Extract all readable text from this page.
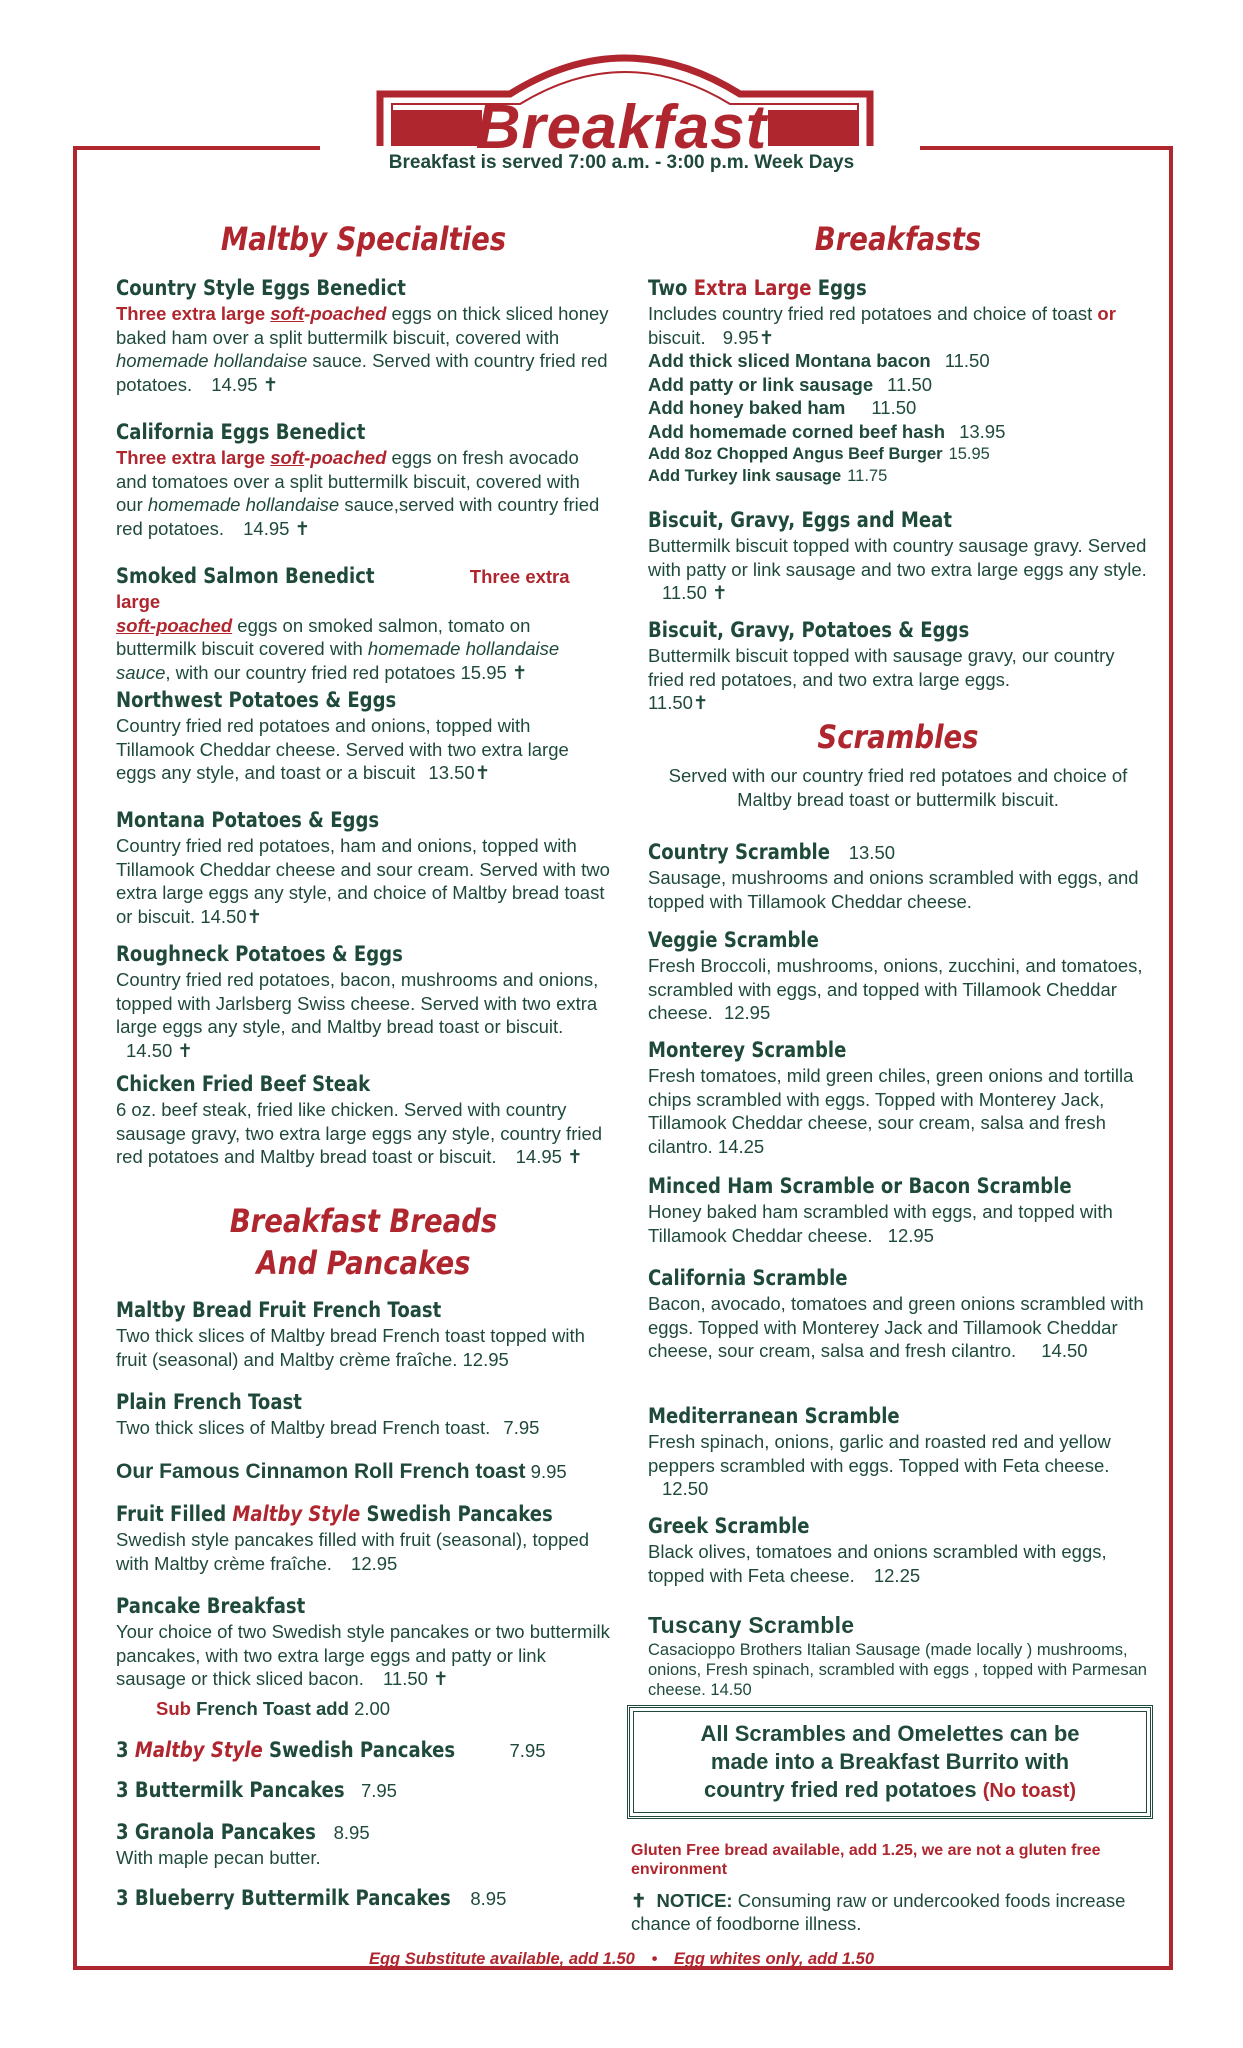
Breakfast
Breakfast is served 7:00 a.m. - 3:00 p.m. Week Days
Maltby Specialties
Country Style Eggs Benedict
Three extra large soft-poached eggs on thick sliced honey baked ham over a split buttermilk biscuit, covered with homemade hollandaise sauce. Served with country fried red potatoes. 14.95 ✝
California Eggs Benedict
Three extra large soft-poached eggs on fresh avocado and tomatoes over a split buttermilk biscuit, covered with our homemade hollandaise sauce,served with country fried red potatoes. 14.95 ✝
Smoked Salmon Benedict	Three extra large
soft-poached eggs on smoked salmon, tomato on buttermilk biscuit covered with homemade hollandaise sauce, with our country fried red potatoes 15.95 ✝
Northwest Potatoes & Eggs
Country fried red potatoes and onions, topped with Tillamook Cheddar cheese. Served with two extra large eggs any style, and toast or a biscuit 13.50✝
Montana Potatoes & Eggs
Country fried red potatoes, ham and onions, topped with Tillamook Cheddar cheese and sour cream. Served with two extra large eggs any style, and choice of Maltby bread toast or biscuit. 14.50✝
Roughneck Potatoes & Eggs
Country fried red potatoes, bacon, mushrooms and onions, topped with Jarlsberg Swiss cheese. Served with two extra large eggs any style, and Maltby bread toast or biscuit. 14.50 ✝
Chicken Fried Beef Steak
6 oz. beef steak, fried like chicken. Served with country sausage gravy, two extra large eggs any style, country fried red potatoes and Maltby bread toast or biscuit. 14.95 ✝
Breakfast Breads
And Pancakes
Maltby Bread Fruit French Toast
Two thick slices of Maltby bread French toast topped with fruit (seasonal) and Maltby crème fraîche. 12.95
Plain French Toast
Two thick slices of Maltby bread French toast. 7.95
Our Famous Cinnamon Roll French toast 9.95
Fruit Filled Maltby Style Swedish Pancakes
Swedish style pancakes filled with fruit (seasonal), topped with Maltby crème fraîche. 12.95
Pancake Breakfast
Your choice of two Swedish style pancakes or two buttermilk pancakes, with two extra large eggs and patty or link sausage or thick sliced bacon. 11.50 ✝
Sub French Toast add 2.00
3 Maltby Style Swedish Pancakes	7.95
3 Buttermilk Pancakes 7.95
3 Granola Pancakes 8.95
With maple pecan butter.
3 Blueberry Buttermilk Pancakes 8.95
Breakfasts
Two Extra Large Eggs
Includes country fried red potatoes and choice of toast or biscuit. 9.95✝

Add thick sliced Montana bacon 11.50
Add patty or link sausage 11.50
Add honey baked ham 11.50
Add homemade corned beef hash 13.95
Add 8oz Chopped Angus Beef Burger 15.95
Add Turkey link sausage 11.75
Biscuit, Gravy, Eggs and Meat
Buttermilk biscuit topped with country sausage gravy. Served with patty or link sausage and two extra large eggs any style. 11.50 ✝
Biscuit, Gravy, Potatoes & Eggs
Buttermilk biscuit topped with sausage gravy, our country fried red potatoes, and two extra large eggs.
11.50✝
Scrambles
Served with our country fried red potatoes and choice of Maltby bread toast or buttermilk biscuit.
Country Scramble 13.50
Sausage, mushrooms and onions scrambled with eggs, and topped with Tillamook Cheddar cheese.
Veggie Scramble
Fresh Broccoli, mushrooms, onions, zucchini, and tomatoes, scrambled with eggs, and topped with Tillamook Cheddar cheese. 12.95
Monterey Scramble
Fresh tomatoes, mild green chiles, green onions and tortilla chips scrambled with eggs. Topped with Monterey Jack, Tillamook Cheddar cheese, sour cream, salsa and fresh cilantro. 14.25
Minced Ham Scramble or Bacon Scramble
Honey baked ham scrambled with eggs, and topped with Tillamook Cheddar cheese. 12.95
California Scramble
Bacon, avocado, tomatoes and green onions scrambled with eggs. Topped with Monterey Jack and Tillamook Cheddar cheese, sour cream, salsa and fresh cilantro. 14.50
Mediterranean Scramble
Fresh spinach, onions, garlic and roasted red and yellow peppers scrambled with eggs. Topped with Feta cheese. 12.50
Greek Scramble
Black olives, tomatoes and onions scrambled with eggs, topped with Feta cheese. 12.25
Tuscany Scramble
Casacioppo Brothers Italian Sausage (made locally ) mushrooms, onions, Fresh spinach, scrambled with eggs , topped with Parmesan cheese. 14.50
All Scrambles and Omelettes can be
made into a Breakfast Burrito with
country fried red potatoes (No toast)
Gluten Free bread available, add 1.25, we are not a gluten free environment
✝ NOTICE: Consuming raw or undercooked foods increase chance of foodborne illness.
Egg Substitute available, add 1.50 • Egg whites only, add 1.50
